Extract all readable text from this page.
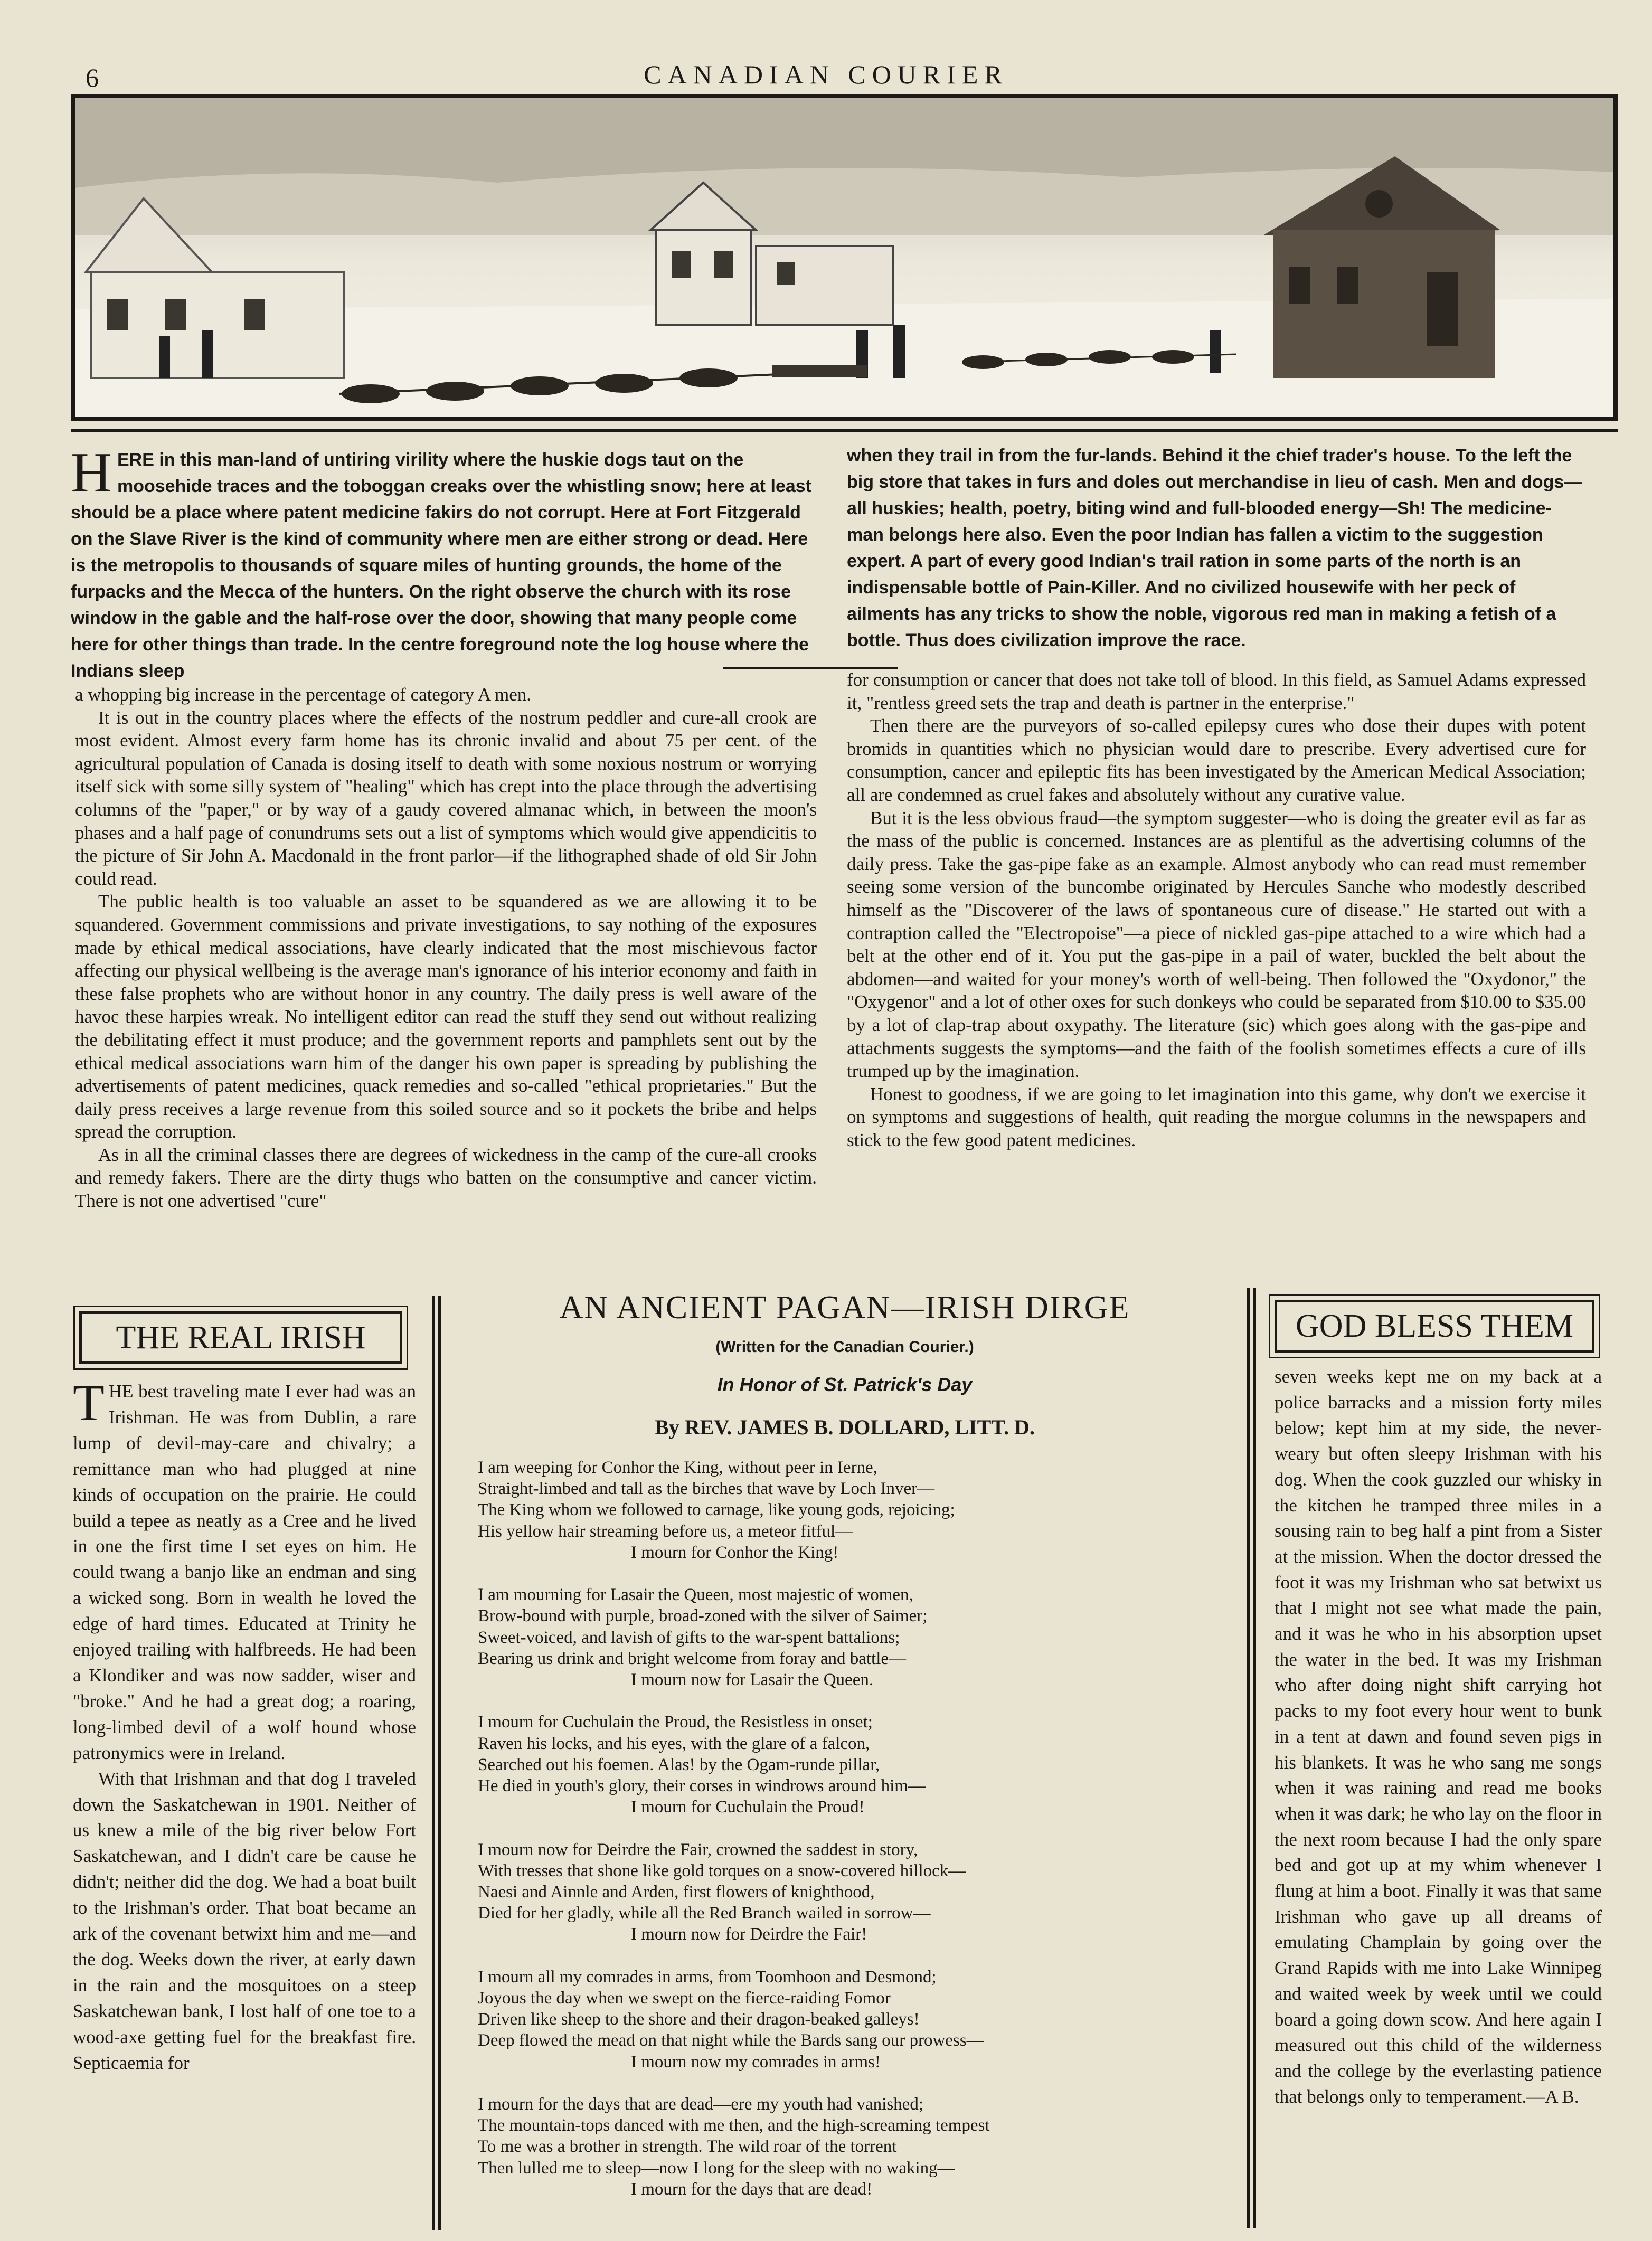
6	CANADIAN COURIER

HERE in this man-land of untiring virility where the huskie dogs taut on the moosehide traces and the toboggan creaks over the whistling snow; here at least should be a place where patent medicine fakirs do not corrupt. Here at Fort Fitzgerald on the Slave River is the kind of community where men are either strong or dead. Here is the metropolis to thousands of square miles of hunting grounds, the home of the furpacks and the Mecca of the hunters. On the right observe the church with its rose window in the gable and the half-rose over the door, showing that many people come here for other things than trade. In the centre foreground note the log house where the Indians sleep

when they trail in from the fur-lands. Behind it the chief trader's house. To the left the big store that takes in furs and doles out merchandise in lieu of cash. Men and dogs—all huskies; health, poetry, biting wind and full-blooded energy—Sh! The medicine-man belongs here also. Even the poor Indian has fallen a victim to the suggestion expert. A part of every good Indian's trail ration in some parts of the north is an indispensable bottle of Pain-Killer. And no civilized housewife with her peck of ailments has any tricks to show the noble, vigorous red man in making a fetish of a bottle. Thus does civilization improve the race.

a whopping big increase in the percentage of category A men.

It is out in the country places where the effects of the nostrum peddler and cure-all crook are most evident. Almost every farm home has its chronic invalid and about 75 per cent. of the agricultural population of Canada is dosing itself to death with some noxious nostrum or worrying itself sick with some silly system of "healing" which has crept into the place through the advertising columns of the "paper," or by way of a gaudy covered almanac which, in between the moon's phases and a half page of conundrums sets out a list of symptoms which would give appendicitis to the picture of Sir John A. Macdonald in the front parlor—if the lithographed shade of old Sir John could read.

The public health is too valuable an asset to be squandered as we are allowing it to be squandered. Government commissions and private investigations, to say nothing of the exposures made by ethical medical associations, have clearly indicated that the most mischievous factor affecting our physical wellbeing is the average man's ignorance of his interior economy and faith in these false prophets who are without honor in any country. The daily press is well aware of the havoc these harpies wreak. No intelligent editor can read the stuff they send out without realizing the debilitating effect it must produce; and the government reports and pamphlets sent out by the ethical medical associations warn him of the danger his own paper is spreading by publishing the advertisements of patent medicines, quack remedies and so-called "ethical proprietaries." But the daily press receives a large revenue from this soiled source and so it pockets the bribe and helps spread the corruption.

As in all the criminal classes there are degrees of wickedness in the camp of the cure-all crooks and remedy fakers. There are the dirty thugs who batten on the consumptive and cancer victim. There is not one advertised "cure"

for consumption or cancer that does not take toll of blood. In this field, as Samuel Adams expressed it, "rentless greed sets the trap and death is partner in the enterprise."

Then there are the purveyors of so-called epilepsy cures who dose their dupes with potent bromids in quantities which no physician would dare to prescribe. Every advertised cure for consumption, cancer and epileptic fits has been investigated by the American Medical Association; all are condemned as cruel fakes and absolutely without any curative value.

But it is the less obvious fraud—the symptom suggester—who is doing the greater evil as far as the mass of the public is concerned. Instances are as plentiful as the advertising columns of the daily press. Take the gas-pipe fake as an example. Almost anybody who can read must remember seeing some version of the buncombe originated by Hercules Sanche who modestly described himself as the "Discoverer of the laws of spontaneous cure of disease." He started out with a contraption called the "Electropoise"—a piece of nickled gas-pipe attached to a wire which had a belt at the other end of it. You put the gas-pipe in a pail of water, buckled the belt about the abdomen—and waited for your money's worth of well-being. Then followed the "Oxydonor," the "Oxygenor" and a lot of other oxes for such donkeys who could be separated from $10.00 to $35.00 by a lot of clap-trap about oxypathy. The literature (sic) which goes along with the gas-pipe and attachments suggests the symptoms—and the faith of the foolish sometimes effects a cure of ills trumped up by the imagination.

Honest to goodness, if we are going to let imagination into this game, why don't we exercise it on symptoms and suggestions of health, quit reading the morgue columns in the newspapers and stick to the few good patent medicines.

THE REAL IRISH

THE best traveling mate I ever had was an Irishman. He was from Dublin, a rare lump of devil-may-care and chivalry; a remittance man who had plugged at nine kinds of occupation on the prairie. He could build a tepee as neatly as a Cree and he lived in one the first time I set eyes on him. He could twang a banjo like an endman and sing a wicked song. Born in wealth he loved the edge of hard times. Educated at Trinity he enjoyed trailing with halfbreeds. He had been a Klondiker and was now sadder, wiser and "broke." And he had a great dog; a roaring, long-limbed devil of a wolf hound whose patronymics were in Ireland.

With that Irishman and that dog I traveled down the Saskatchewan in 1901. Neither of us knew a mile of the big river below Fort Saskatchewan, and I didn't care be cause he didn't; neither did the dog. We had a boat built to the Irishman's order. That boat became an ark of the covenant betwixt him and me—and the dog. Weeks down the river, at early dawn in the rain and the mosquitoes on a steep Saskatchewan bank, I lost half of one toe to a wood-axe getting fuel for the breakfast fire. Septicaemia for

AN ANCIENT PAGAN—IRISH DIRGE
(Written for the Canadian Courier.)
In Honor of St. Patrick's Day
By REV. JAMES B. DOLLARD, LITT. D.
I am weeping for Conhor the King, without peer in Ierne,
Straight-limbed and tall as the birches that wave by Loch Inver—
The King whom we followed to carnage, like young gods, rejoicing;
His yellow hair streaming before us, a meteor fitful—
I mourn for Conhor the King!
I am mourning for Lasair the Queen, most majestic of women,
Brow-bound with purple, broad-zoned with the silver of Saimer;
Sweet-voiced, and lavish of gifts to the war-spent battalions;
Bearing us drink and bright welcome from foray and battle—
I mourn now for Lasair the Queen.
I mourn for Cuchulain the Proud, the Resistless in onset;
Raven his locks, and his eyes, with the glare of a falcon,
Searched out his foemen. Alas! by the Ogam-runde pillar,
He died in youth's glory, their corses in windrows around him—
I mourn for Cuchulain the Proud!
I mourn now for Deirdre the Fair, crowned the saddest in story,
With tresses that shone like gold torques on a snow-covered hillock—
Naesi and Ainnle and Arden, first flowers of knighthood,
Died for her gladly, while all the Red Branch wailed in sorrow—
I mourn now for Deirdre the Fair!
I mourn all my comrades in arms, from Toomhoon and Desmond;
Joyous the day when we swept on the fierce-raiding Fomor
Driven like sheep to the shore and their dragon-beaked galleys!
Deep flowed the mead on that night while the Bards sang our prowess—
I mourn now my comrades in arms!
I mourn for the days that are dead—ere my youth had vanished;
The mountain-tops danced with me then, and the high-screaming tempest
To me was a brother in strength. The wild roar of the torrent
Then lulled me to sleep—now I long for the sleep with no waking—
I mourn for the days that are dead!
GOD BLESS THEM

seven weeks kept me on my back at a police barracks and a mission forty miles below; kept him at my side, the never-weary but often sleepy Irishman with his dog. When the cook guzzled our whisky in the kitchen he tramped three miles in a sousing rain to beg half a pint from a Sister at the mission. When the doctor dressed the foot it was my Irishman who sat betwixt us that I might not see what made the pain, and it was he who in his absorption upset the water in the bed. It was my Irishman who after doing night shift carrying hot packs to my foot every hour went to bunk in a tent at dawn and found seven pigs in his blankets. It was he who sang me songs when it was raining and read me books when it was dark; he who lay on the floor in the next room because I had the only spare bed and got up at my whim whenever I flung at him a boot. Finally it was that same Irishman who gave up all dreams of emulating Champlain by going over the Grand Rapids with me into Lake Winnipeg and waited week by week until we could board a going down scow. And here again I measured out this child of the wilderness and the college by the everlasting patience that belongs only to temperament.—A B.
